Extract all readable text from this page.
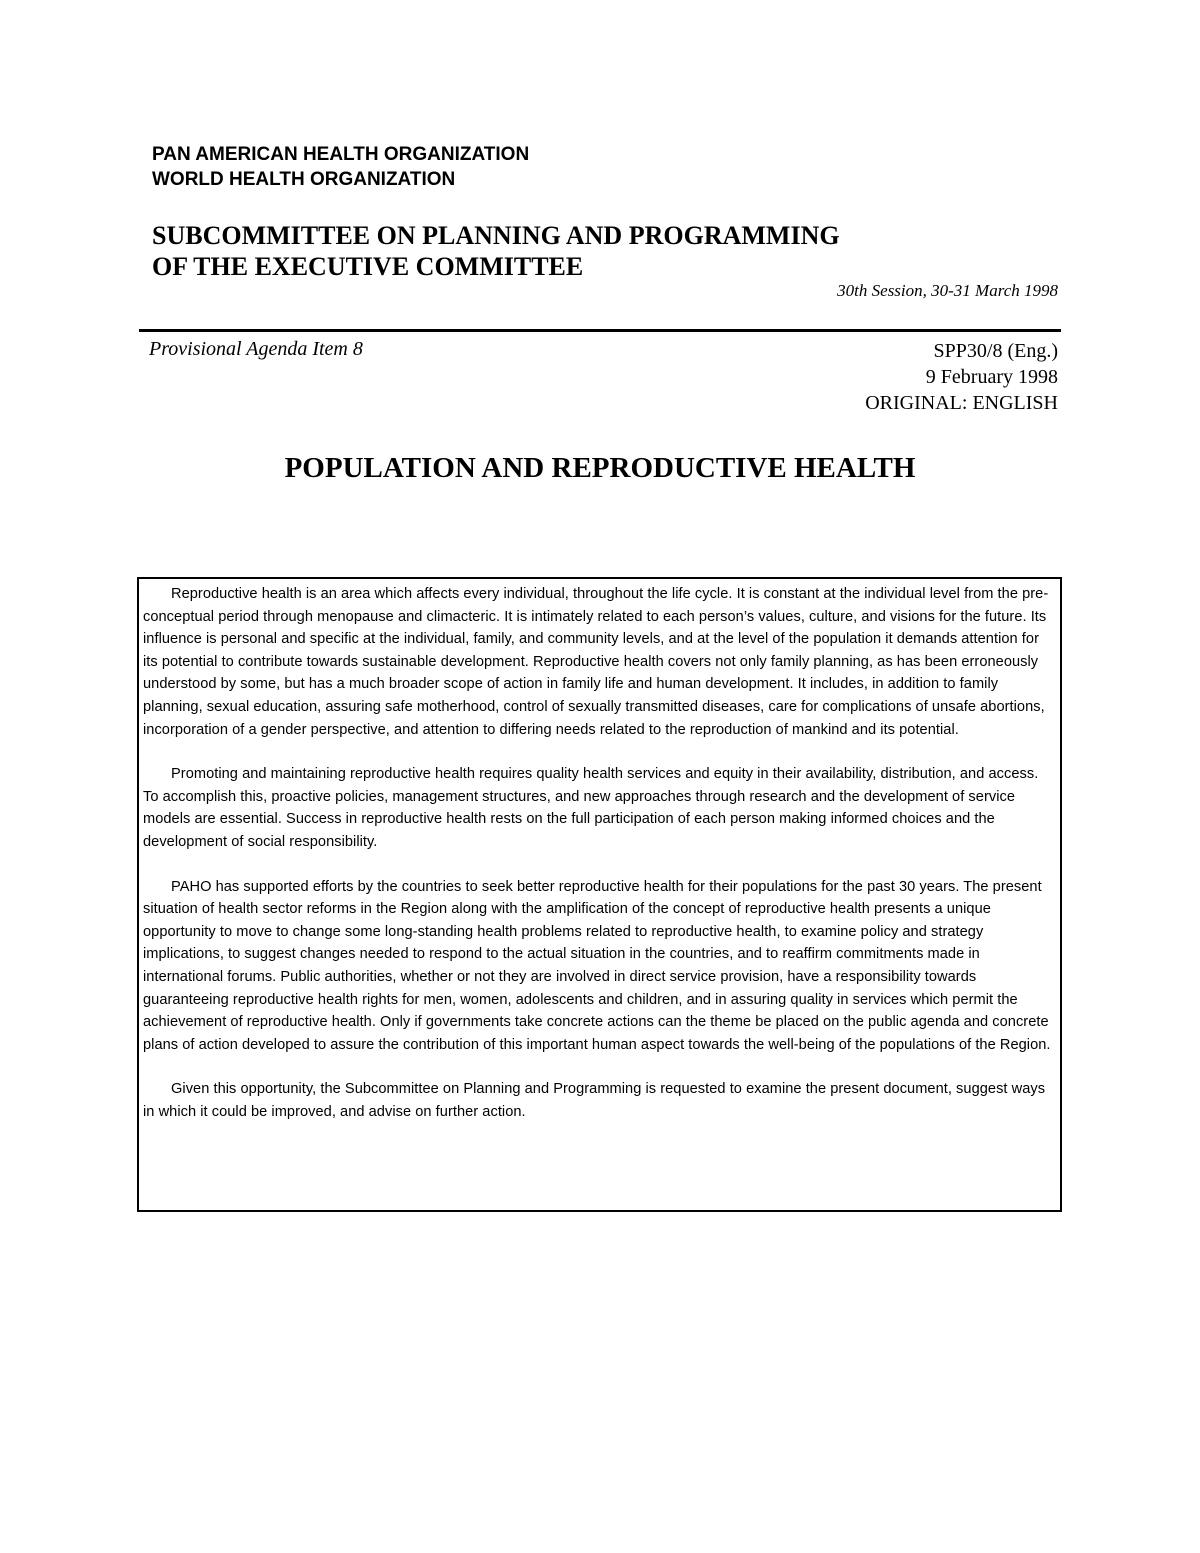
PAN AMERICAN HEALTH ORGANIZATION
WORLD HEALTH ORGANIZATION
SUBCOMMITTEE ON PLANNING AND PROGRAMMING
OF THE EXECUTIVE COMMITTEE
30th Session, 30-31 March 1998
Provisional Agenda Item 8	SPP30/8 (Eng.)
9 February 1998
ORIGINAL: ENGLISH
POPULATION AND REPRODUCTIVE HEALTH

Reproductive health is an area which affects every individual, throughout the life cycle. It is constant at the individual level from the pre-conceptual period through menopause and climacteric. It is intimately related to each person’s values, culture, and visions for the future. Its influence is personal and specific at the individual, family, and community levels, and at the level of the population it demands attention for its potential to contribute towards sustainable development. Reproductive health covers not only family planning, as has been erroneously understood by some, but has a much broader scope of action in family life and human development. It includes, in addition to family planning, sexual education, assuring safe motherhood, control of sexually transmitted diseases, care for complications of unsafe abortions, incorporation of a gender perspective, and attention to differing needs related to the reproduction of mankind and its potential.

Promoting and maintaining reproductive health requires quality health services and equity in their availability, distribution, and access. To accomplish this, proactive policies, management structures, and new approaches through research and the development of service models are essential. Success in reproductive health rests on the full participation of each person making informed choices and the development of social responsibility.

PAHO has supported efforts by the countries to seek better reproductive health for their populations for the past 30 years. The present situation of health sector reforms in the Region along with the amplification of the concept of reproductive health presents a unique opportunity to move to change some long-standing health problems related to reproductive health, to examine policy and strategy implications, to suggest changes needed to respond to the actual situation in the countries, and to reaffirm commitments made in international forums. Public authorities, whether or not they are involved in direct service provision, have a responsibility towards guaranteeing reproductive health rights for men, women, adolescents and children, and in assuring quality in services which permit the achievement of reproductive health. Only if governments take concrete actions can the theme be placed on the public agenda and concrete plans of action developed to assure the contribution of this important human aspect towards the well-being of the populations of the Region.

Given this opportunity, the Subcommittee on Planning and Programming is requested to examine the present document, suggest ways in which it could be improved, and advise on further action.
